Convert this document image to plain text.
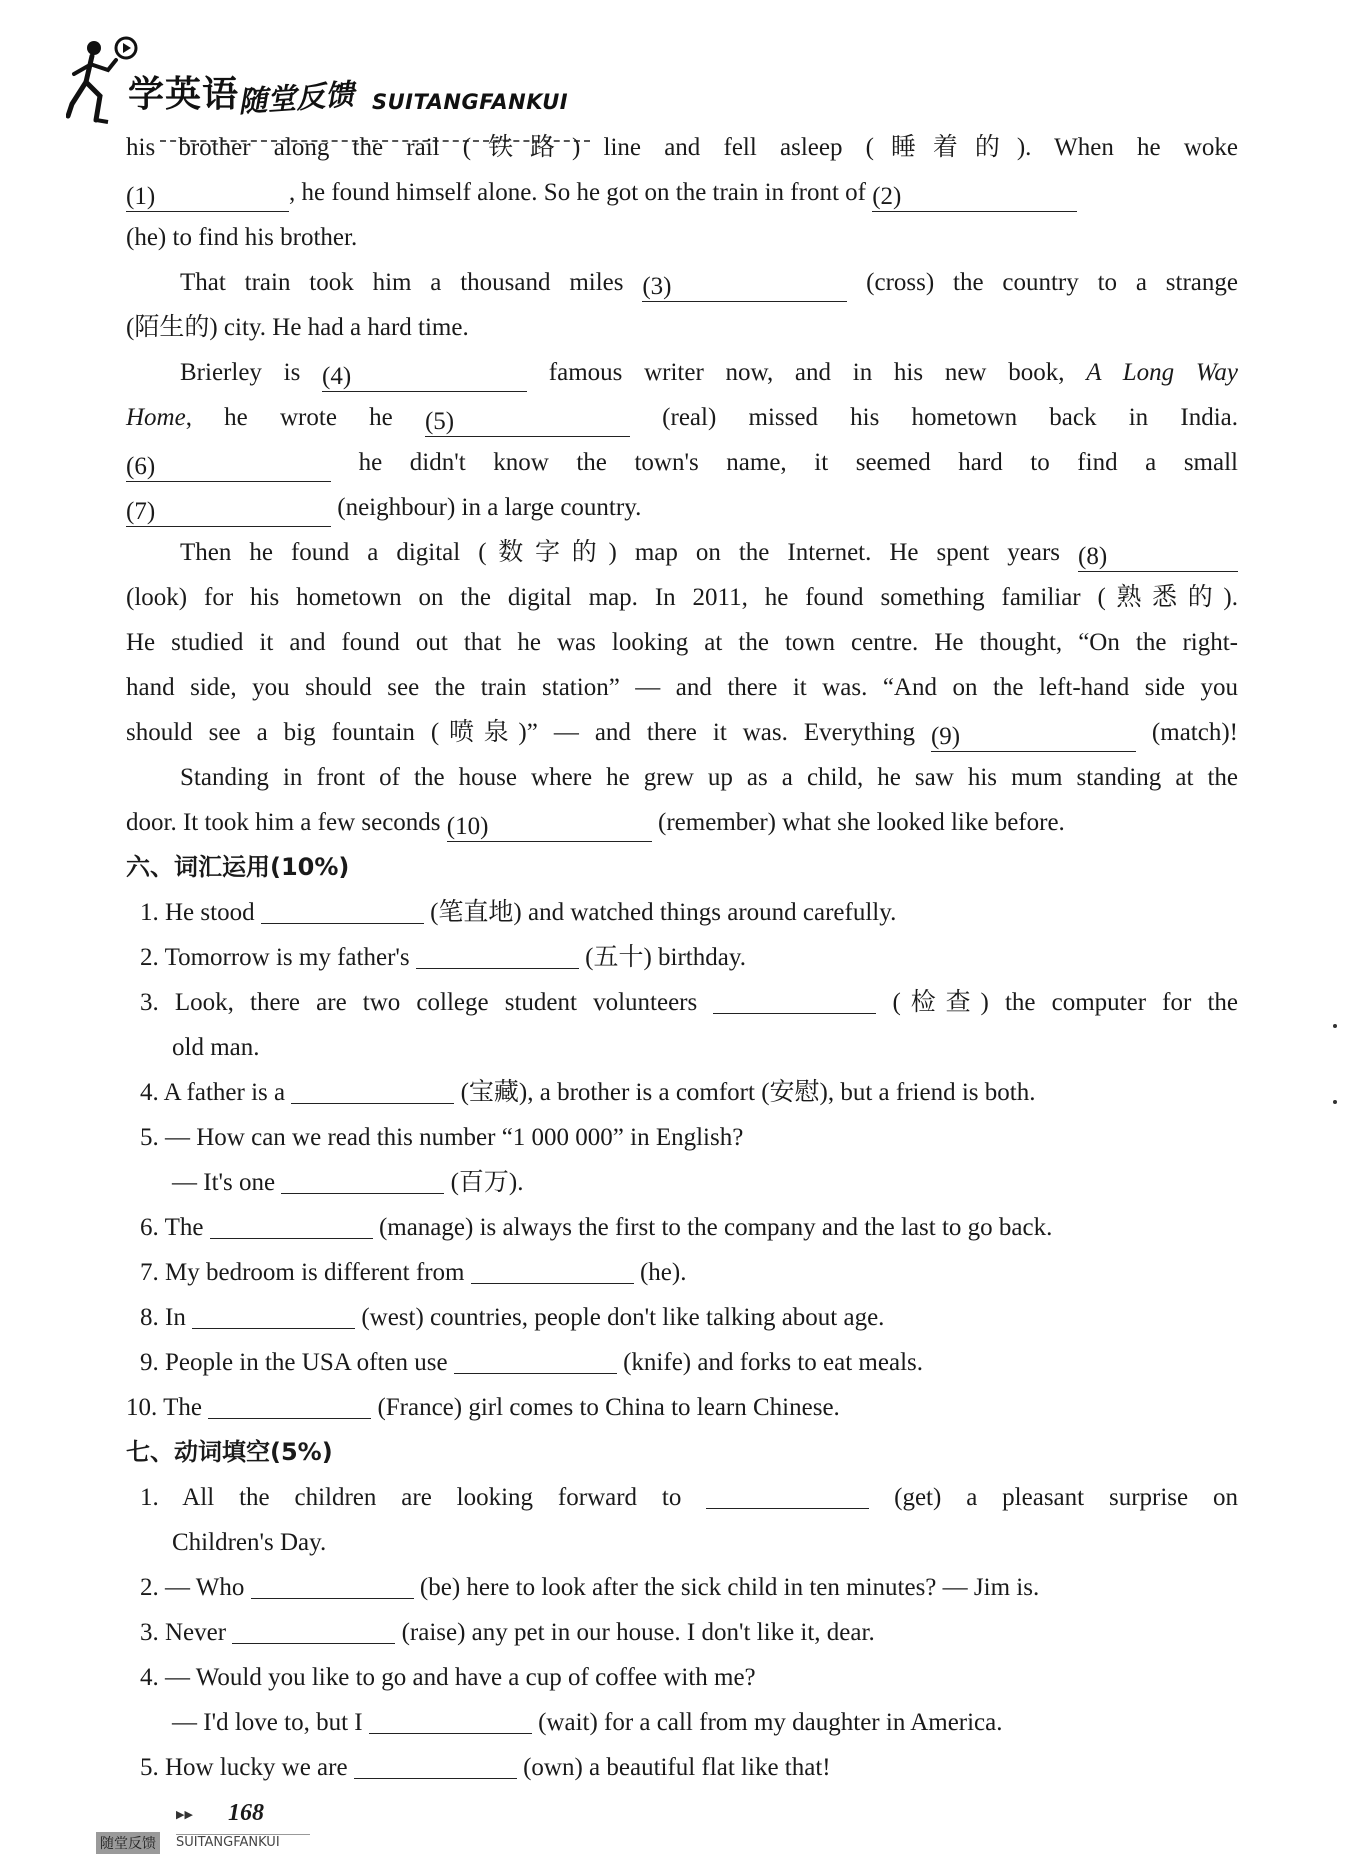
学英语
随堂反馈 SUITANGFANKUI
his brother along the rail (铁路) line and fell asleep (睡着的). When he woke
(1)	, he found himself alone. So he got on the train in front of (2)
(he) to find his brother.
That train took him a thousand miles (3)	(cross) the country to a strange
(陌生的) city. He had a hard time.
Brierley is (4)	famous writer now, and in his new book, A Long Way
Home, he wrote he (5)	(real) missed his hometown back in India.
(6)	he didn't know the town's name, it seemed hard to find a small
(7)	(neighbour) in a large country.
Then he found a digital (数字的) map on the Internet. He spent years (8)
(look) for his hometown on the digital map. In 2011, he found something familiar (熟悉的).
He studied it and found out that he was looking at the town centre. He thought, “On the right-
hand side, you should see the train station” — and there it was. “And on the left-hand side you
should see a big fountain (喷泉)” — and there it was. Everything (9)	(match)!
Standing in front of the house where he grew up as a child, he saw his mum standing at the
door. It took him a few seconds (10)	(remember) what she looked like before.
六、词汇运用(10%)
1. He stood	(笔直地) and watched things around carefully.
2. Tomorrow is my father's	(五十) birthday.
3. Look, there are two college student volunteers	(检查) the computer for the
old man.
4. A father is a	(宝藏), a brother is a comfort (安慰), but a friend is both.
5. — How can we read this number “1 000 000” in English?
— It's one	(百万).
6. The	(manage) is always the first to the company and the last to go back.
7. My bedroom is different from	(he).
8. In	(west) countries, people don't like talking about age.
9. People in the USA often use	(knife) and forks to eat meals.
10. The	(France) girl comes to China to learn Chinese.
七、动词填空(5%)
1. All the children are looking forward to	(get) a pleasant surprise on
Children's Day.
2. — Who	(be) here to look after the sick child in ten minutes? — Jim is.
3. Never	(raise) any pet in our house. I don't like it, dear.
4. — Would you like to go and have a cup of coffee with me?
— I'd love to, but I	(wait) for a call from my daughter in America.
5. How lucky we are	(own) a beautiful flat like that!
▶▶ 168
随堂反馈	SUITANGFANKUI
